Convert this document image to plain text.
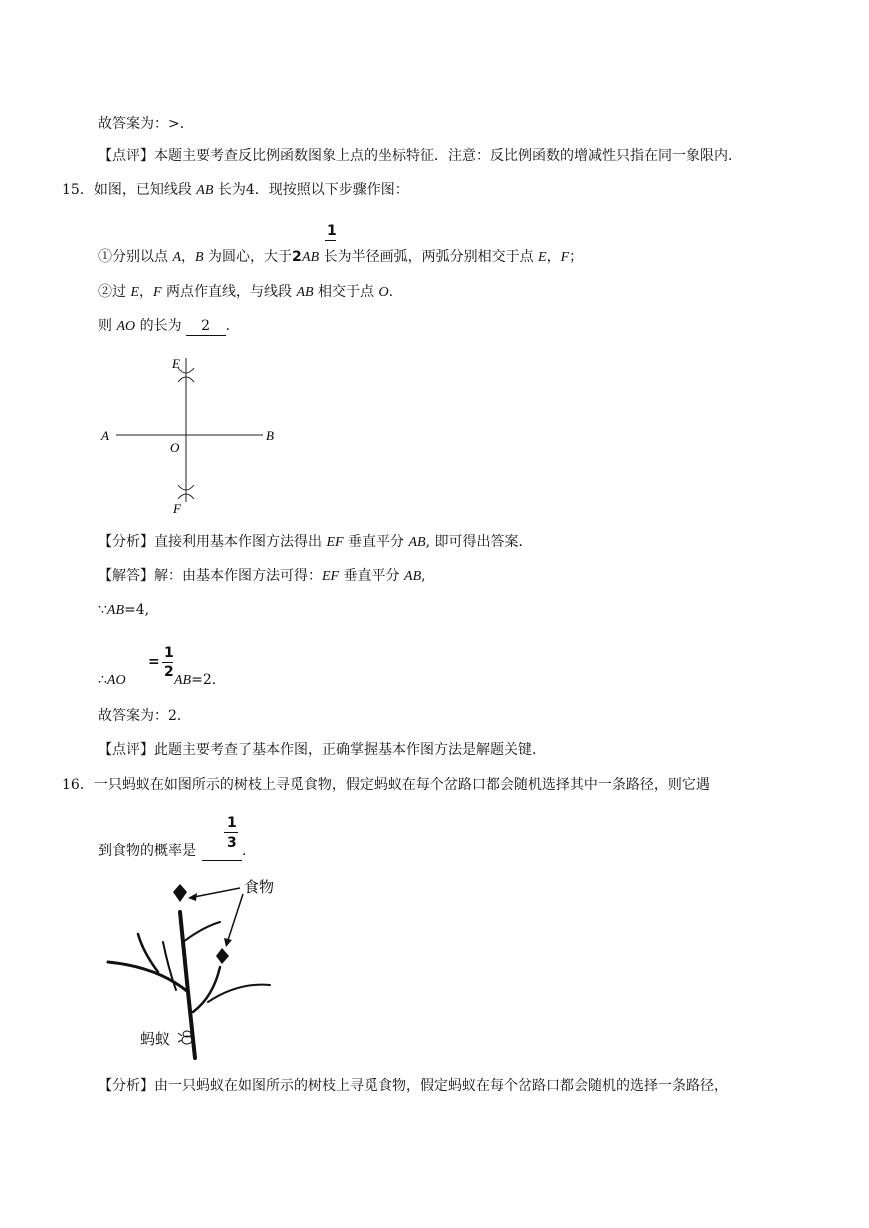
故答案为：>．
【点评】本题主要考查反比例函数图象上点的坐标特征．注意：反比例函数的增减性只指在同一象限内．
15．如图，已知线段 AB 长为4．现按照以下步骤作图：
1
①分别以点 A，B 为圆心，大于2AB 长为半径画弧，两弧分别相交于点 E，F；
②过 E，F 两点作直线，与线段 AB 相交于点 O.
则 AO 的长为 2 ．
E
A	B
O
F
【分析】直接利用基本作图方法得出 EF 垂直平分 AB, 即可得出答案．
【解答】解：由基本作图方法可得：EF 垂直平分 AB,
∵AB=4,
1
=
2
∴AO	AB=2.
故答案为：2．
【点评】此题主要考查了基本作图，正确掌握基本作图方法是解题关键．
16．一只蚂蚁在如图所示的树枝上寻觅食物，假定蚂蚁在每个岔路口都会随机选择其中一条路径，则它遇
1
3
到食物的概率是	.
食物
蚂蚁
【分析】由一只蚂蚁在如图所示的树枝上寻觅食物，假定蚂蚁在每个岔路口都会随机的选择一条路径，
